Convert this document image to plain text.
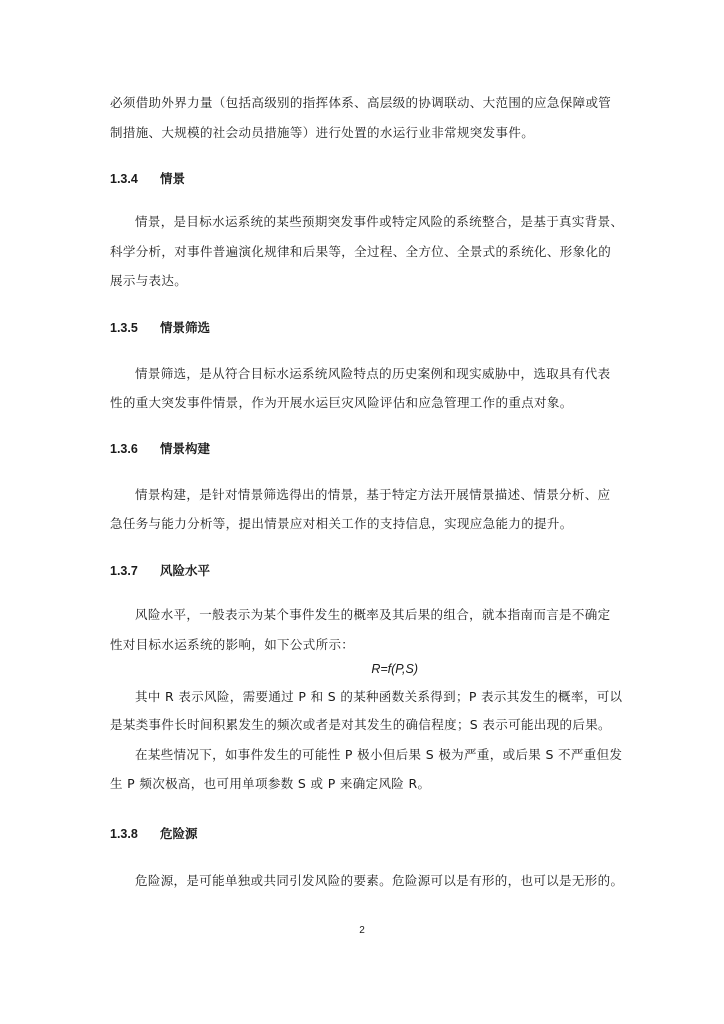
必须借助外界力量（包括高级别的指挥体系、高层级的协调联动、大范围的应急保障或管
制措施、大规模的社会动员措施等）进行处置的水运行业非常规突发事件。
1.3.4 情景
情景，是目标水运系统的某些预期突发事件或特定风险的系统整合，是基于真实背景、
科学分析，对事件普遍演化规律和后果等，全过程、全方位、全景式的系统化、形象化的
展示与表达。
1.3.5 情景筛选
情景筛选，是从符合目标水运系统风险特点的历史案例和现实威胁中，选取具有代表
性的重大突发事件情景，作为开展水运巨灾风险评估和应急管理工作的重点对象。
1.3.6 情景构建
情景构建，是针对情景筛选得出的情景，基于特定方法开展情景描述、情景分析、应
急任务与能力分析等，提出情景应对相关工作的支持信息，实现应急能力的提升。
1.3.7 风险水平
风险水平，一般表示为某个事件发生的概率及其后果的组合，就本指南而言是不确定
性对目标水运系统的影响，如下公式所示：
R=f(P,S)
其中 R 表示风险，需要通过 P 和 S 的某种函数关系得到；P 表示其发生的概率，可以
是某类事件长时间积累发生的频次或者是对其发生的确信程度；S 表示可能出现的后果。
在某些情况下，如事件发生的可能性 P 极小但后果 S 极为严重，或后果 S 不严重但发
生 P 频次极高，也可用单项参数 S 或 P 来确定风险 R。
1.3.8 危险源
危险源，是可能单独或共同引发风险的要素。危险源可以是有形的，也可以是无形的。
2
